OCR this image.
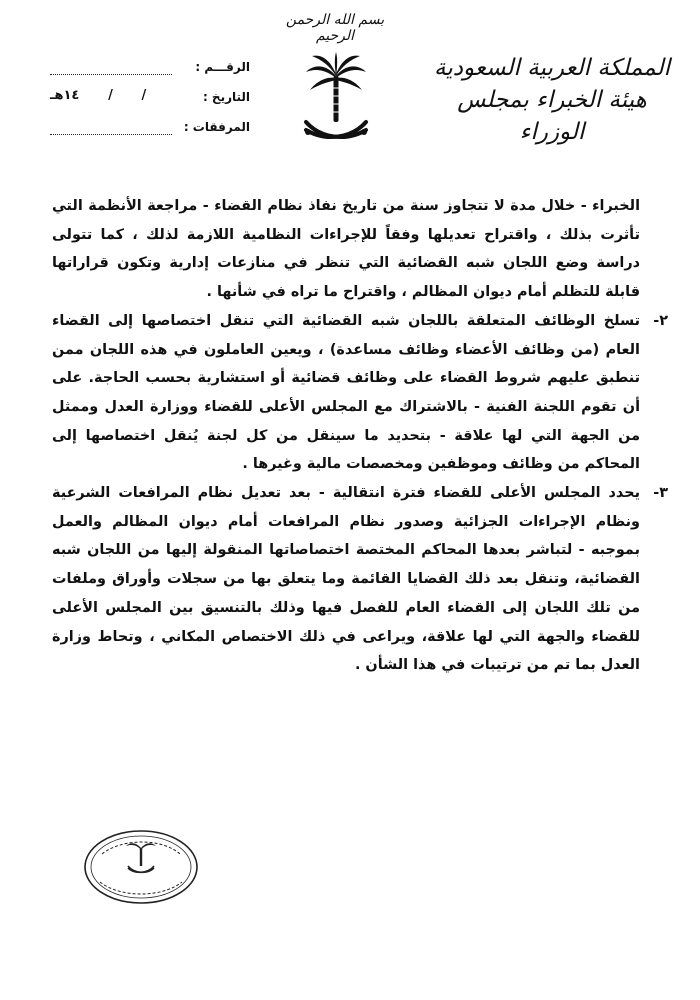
بسم الله الرحمن الرحيم
المملكة العربية السعودية
هيئة الخبراء بمجلس الوزراء
الرقـــم :
التاريخ :
١٤هـ / /
المرفقات :

الخبراء - خلال مدة لا تتجاوز سنة من تاريخ نفاذ نظام القضاء - مراجعة الأنظمة التي تأثرت بذلك ، واقتراح تعديلها وفقاً للإجراءات النظامية اللازمة لذلك ، كما تتولى دراسة وضع اللجان شبه القضائية التي تنظر في منازعات إدارية وتكون قراراتها قابلة للتظلم أمام ديوان المظالم ، واقتراح ما تراه في شأنها .

٢-

تسلخ الوظائف المتعلقة باللجان شبه القضائية التي تنقل اختصاصها إلى القضاء العام (من وظائف الأعضاء وظائف مساعدة) ، ويعين العاملون في هذه اللجان ممن تنطبق عليهم شروط القضاء على وظائف قضائية أو استشارية بحسب الحاجة. على أن تقوم اللجنة الفنية - بالاشتراك مع المجلس الأعلى للقضاء ووزارة العدل وممثل من الجهة التي لها علاقة - بتحديد ما سينقل من كل لجنة يُنقل اختصاصها إلى المحاكم من وظائف وموظفين ومخصصات مالية وغيرها .

٣-

يحدد المجلس الأعلى للقضاء فترة انتقالية - بعد تعديل نظام المرافعات الشرعية ونظام الإجراءات الجزائية وصدور نظام المرافعات أمام ديوان المظالم والعمل بموجبه - لتباشر بعدها المحاكم المختصة اختصاصاتها المنقولة إليها من اللجان شبه القضائية، وتنقل بعد ذلك القضايا القائمة وما يتعلق بها من سجلات وأوراق وملفات من تلك اللجان إلى القضاء العام للفصل فيها وذلك بالتنسيق بين المجلس الأعلى للقضاء والجهة التي لها علاقة، ويراعى في ذلك الاختصاص المكاني ، وتحاط وزارة العدل بما تم من ترتيبات في هذا الشأن .
